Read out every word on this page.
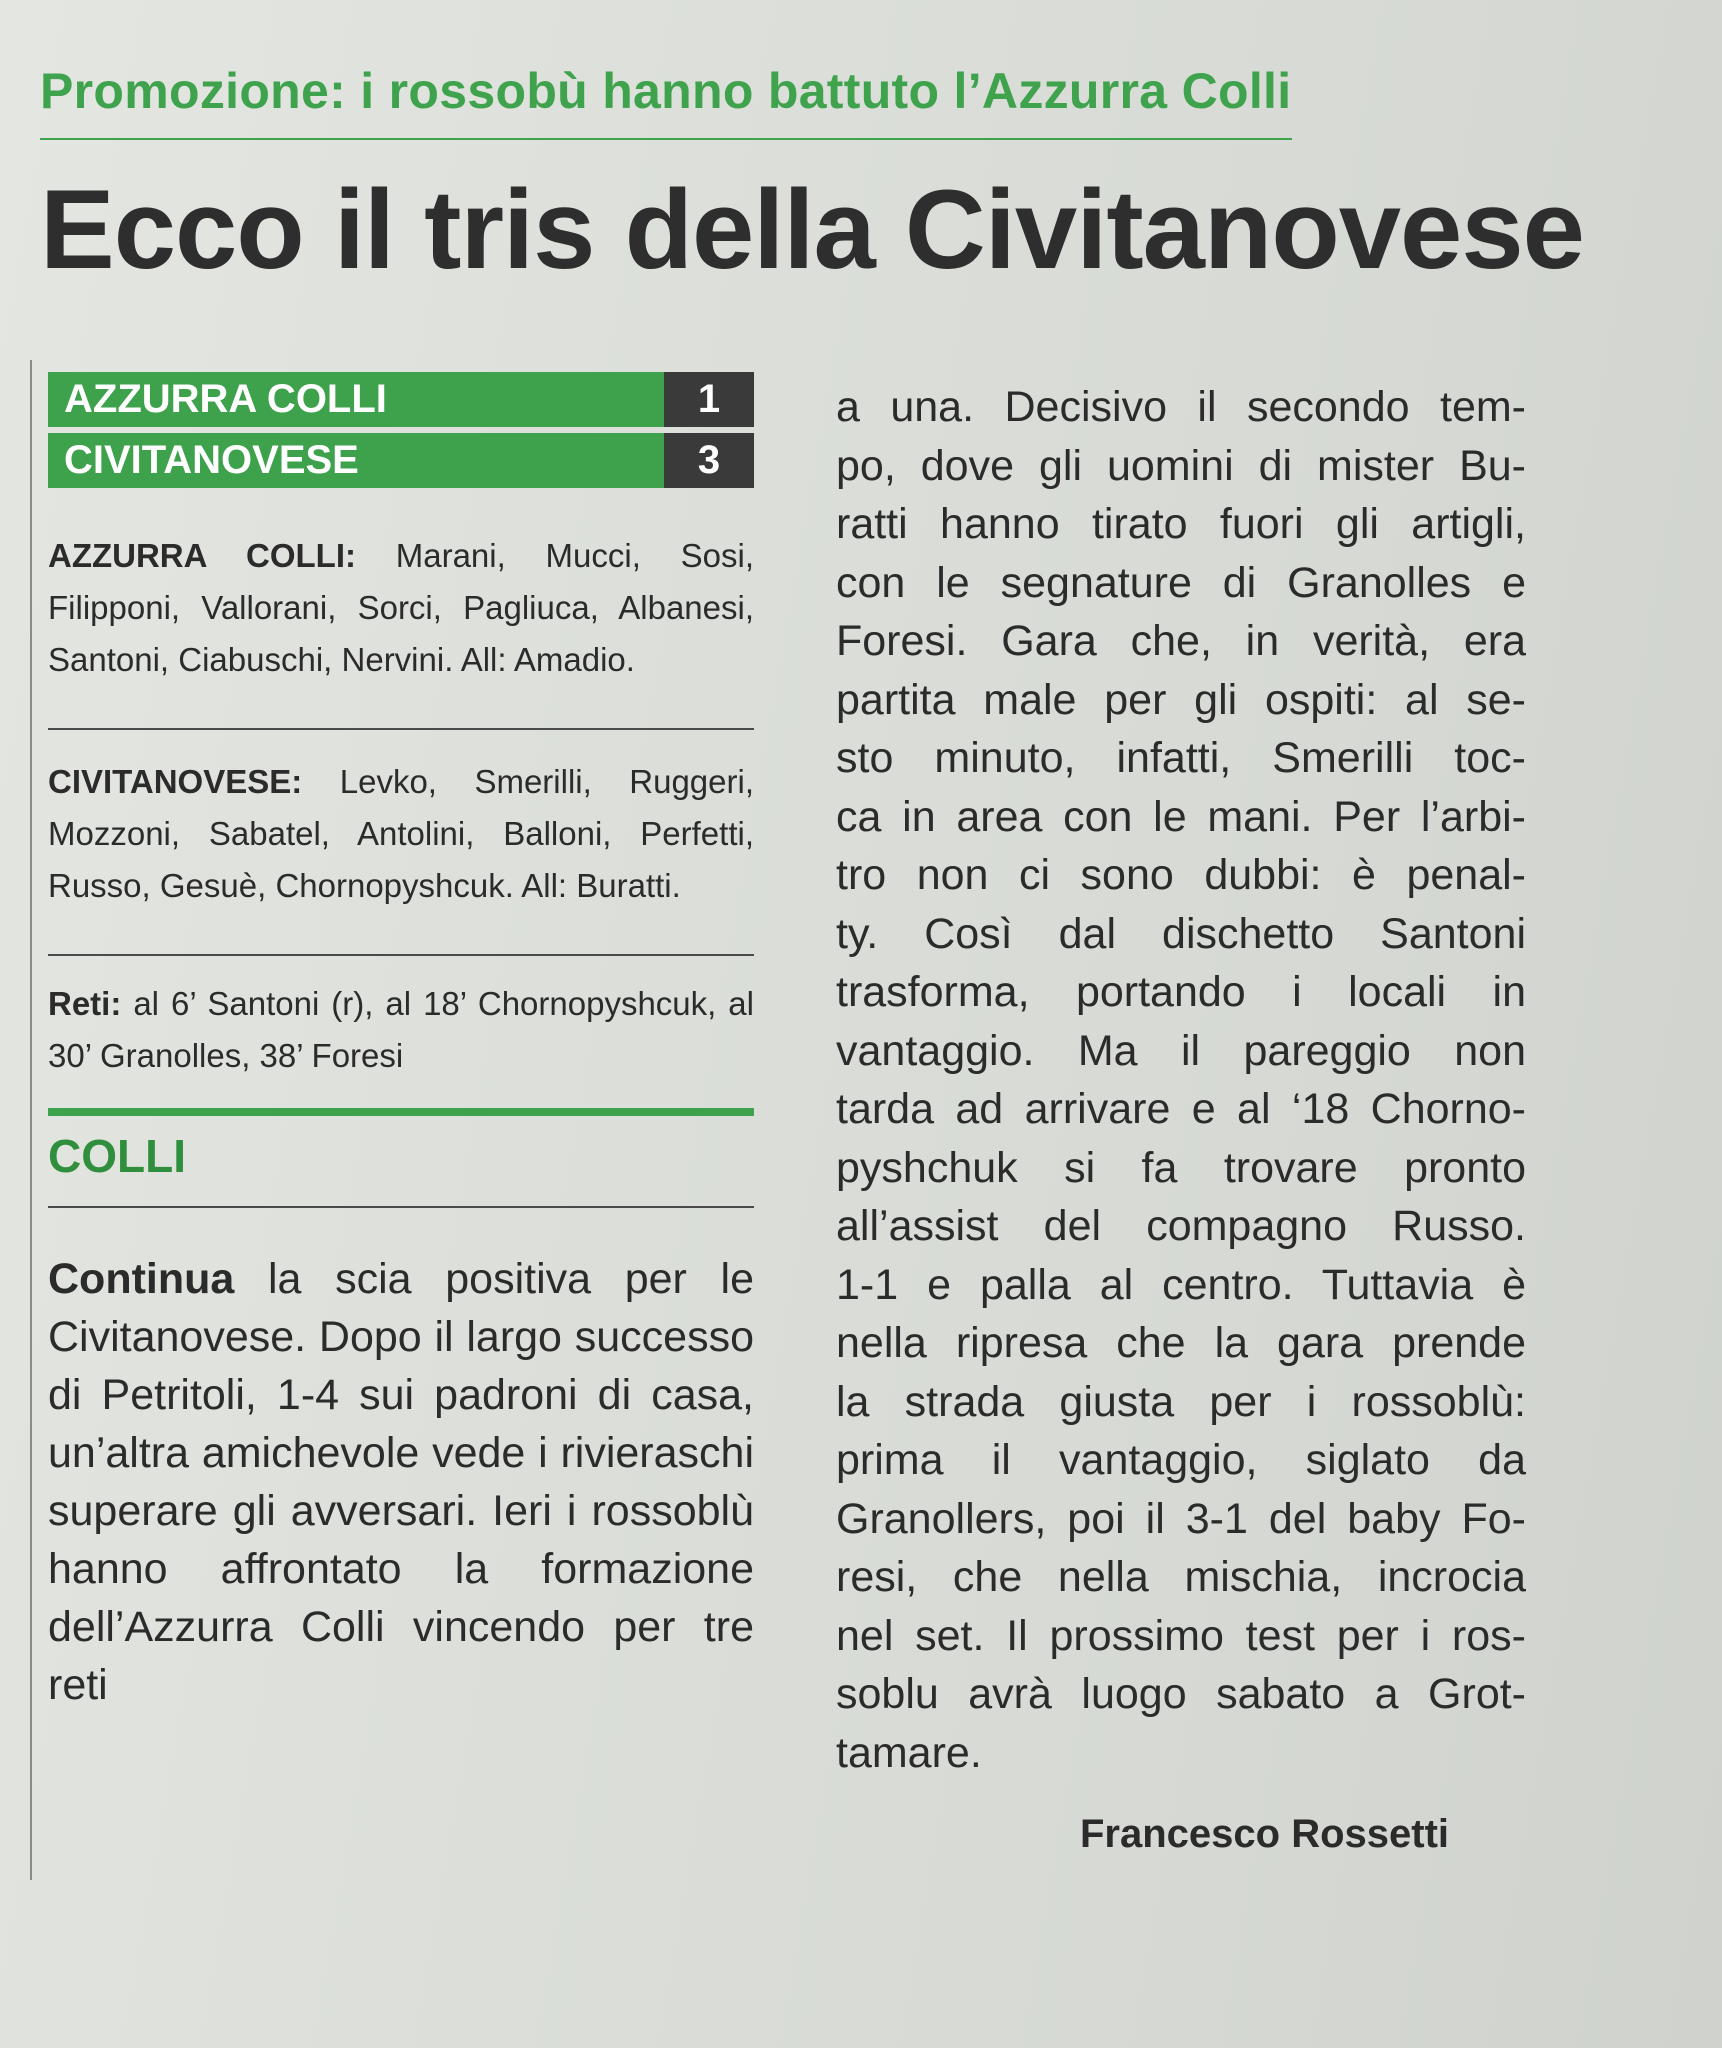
Promozione: i rossobù hanno battuto l’Azzurra Colli
Ecco il tris della Civitanovese
AZZURRA COLLI	1
CIVITANOVESE	3

AZZURRA COLLI: Marani, Mucci, Sosi, Filipponi, Vallorani, Sorci, Pagliuca, Albanesi, Santoni, Ciabuschi, Nervini. All: Amadio.

CIVITANOVESE: Levko, Smerilli, Ruggeri, Mozzoni, Sabatel, Antolini, Balloni, Perfetti, Russo, Gesuè, Chornopyshcuk. All: Buratti.

Reti: al 6’ Santoni (r), al 18’ Chornopyshcuk, al 30’ Granolles, 38’ Foresi

COLLI

Continua la scia positiva per le Civitanovese. Dopo il largo successo di Petritoli, 1-4 sui padroni di casa, un’altra amichevole vede i rivieraschi superare gli avversari. Ieri i rossoblù hanno affrontato la formazione dell’Azzurra Colli vincendo per tre reti

a una. Decisivo il secondo tem-
po, dove gli uomini di mister Bu-
ratti hanno tirato fuori gli artigli,
con le segnature di Granolles e
Foresi. Gara che, in verità, era
partita male per gli ospiti: al se-
sto minuto, infatti, Smerilli toc-
ca in area con le mani. Per l’arbi-
tro non ci sono dubbi: è penal-
ty. Così dal dischetto Santoni
trasforma, portando i locali in
vantaggio. Ma il pareggio non
tarda ad arrivare e al ‘18 Chorno-
pyshchuk si fa trovare pronto
all’assist del compagno Russo.
1-1 e palla al centro. Tuttavia è
nella ripresa che la gara prende
la strada giusta per i rossoblù:
prima il vantaggio, siglato da
Granollers, poi il 3-1 del baby Fo-
resi, che nella mischia, incrocia
nel set. Il prossimo test per i ros-
soblu avrà luogo sabato a Grot-
tamare.
Francesco Rossetti
